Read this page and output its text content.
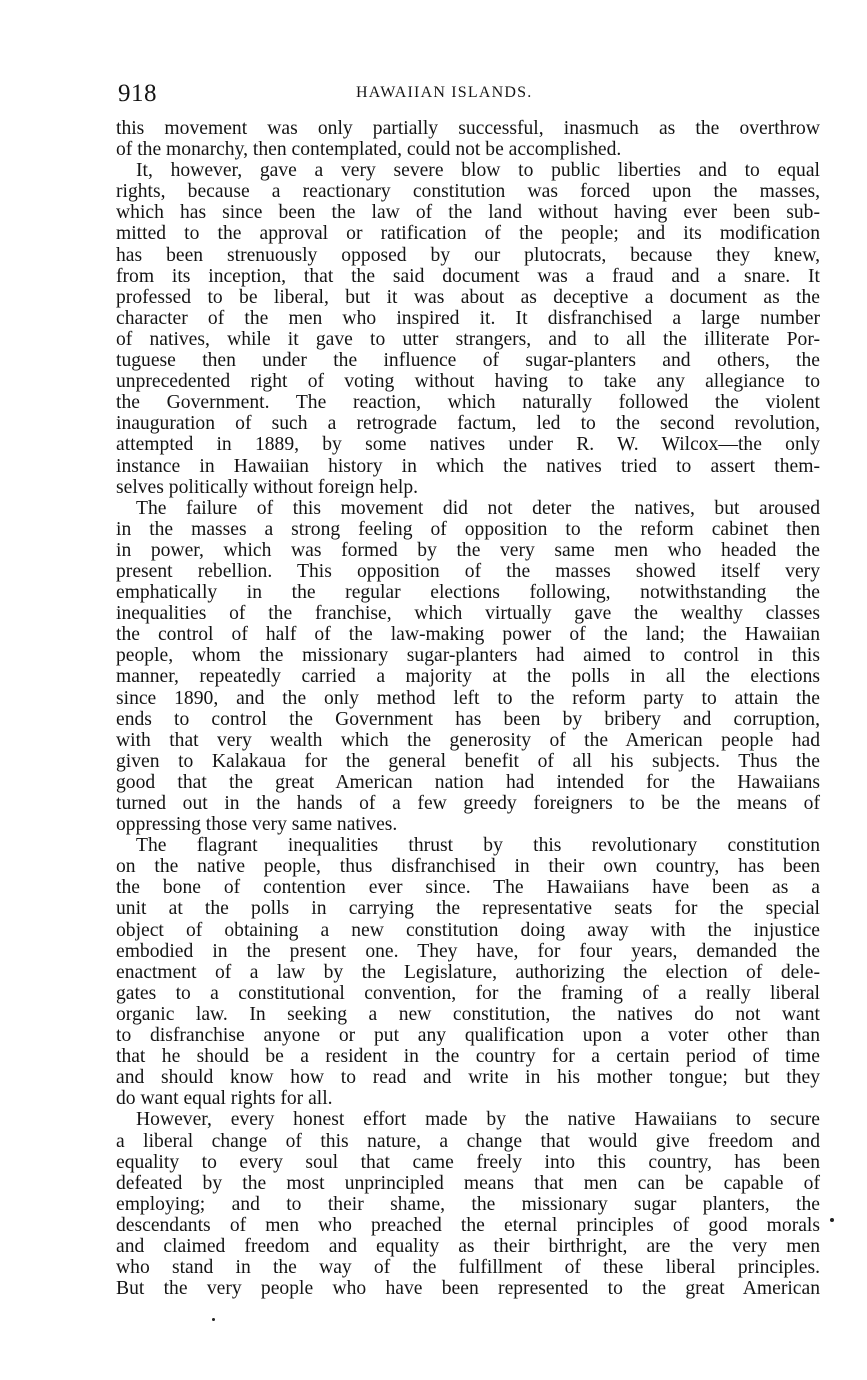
918	HAWAIIAN ISLANDS.
this movement was only partially successful, inasmuch as the overthrow
of the monarchy, then contemplated, could not be accomplished.
It, however, gave a very severe blow to public liberties and to equal
rights, because a reactionary constitution was forced upon the masses,
which has since been the law of the land without having ever been sub-
mitted to the approval or ratification of the people; and its modification
has been strenuously opposed by our plutocrats, because they knew,
from its inception, that the said document was a fraud and a snare. It
professed to be liberal, but it was about as deceptive a document as the
character of the men who inspired it. It disfranchised a large number
of natives, while it gave to utter strangers, and to all the illiterate Por-
tuguese then under the influence of sugar-planters and others, the
unprecedented right of voting without having to take any allegiance to
the Government. The reaction, which naturally followed the violent
inauguration of such a retrograde factum, led to the second revolution,
attempted in 1889, by some natives under R. W. Wilcox—the only
instance in Hawaiian history in which the natives tried to assert them-
selves politically without foreign help.
The failure of this movement did not deter the natives, but aroused
in the masses a strong feeling of opposition to the reform cabinet then
in power, which was formed by the very same men who headed the
present rebellion. This opposition of the masses showed itself very
emphatically in the regular elections following, notwithstanding the
inequalities of the franchise, which virtually gave the wealthy classes
the control of half of the law-making power of the land; the Hawaiian
people, whom the missionary sugar-planters had aimed to control in this
manner, repeatedly carried a majority at the polls in all the elections
since 1890, and the only method left to the reform party to attain the
ends to control the Government has been by bribery and corruption,
with that very wealth which the generosity of the American people had
given to Kalakaua for the general benefit of all his subjects. Thus the
good that the great American nation had intended for the Hawaiians
turned out in the hands of a few greedy foreigners to be the means of
oppressing those very same natives.
The flagrant inequalities thrust by this revolutionary constitution
on the native people, thus disfranchised in their own country, has been
the bone of contention ever since. The Hawaiians have been as a
unit at the polls in carrying the representative seats for the special
object of obtaining a new constitution doing away with the injustice
embodied in the present one. They have, for four years, demanded the
enactment of a law by the Legislature, authorizing the election of dele-
gates to a constitutional convention, for the framing of a really liberal
organic law. In seeking a new constitution, the natives do not want
to disfranchise anyone or put any qualification upon a voter other than
that he should be a resident in the country for a certain period of time
and should know how to read and write in his mother tongue; but they
do want equal rights for all.
However, every honest effort made by the native Hawaiians to secure
a liberal change of this nature, a change that would give freedom and
equality to every soul that came freely into this country, has been
defeated by the most unprincipled means that men can be capable of
employing; and to their shame, the missionary sugar planters, the
descendants of men who preached the eternal principles of good morals
and claimed freedom and equality as their birthright, are the very men
who stand in the way of the fulfillment of these liberal principles.
But the very people who have been represented to the great American
